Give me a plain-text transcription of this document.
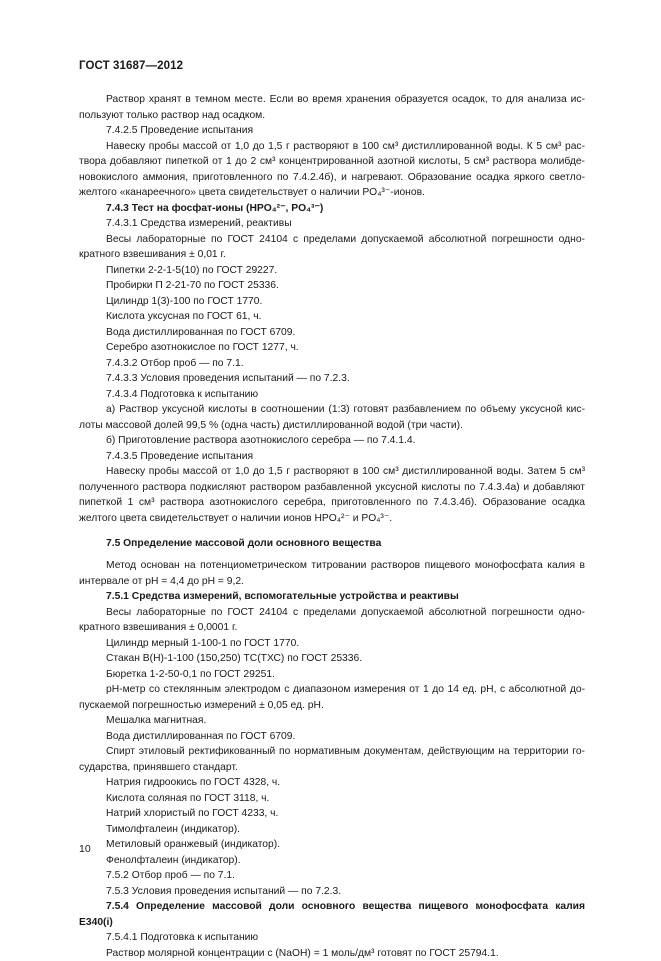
ГОСТ 31687—2012

Раствор хранят в темном месте. Если во время хранения образуется осадок, то для анализа ис-пользуют только раствор над осадком.

7.4.2.5 Проведение испытания

Навеску пробы массой от 1,0 до 1,5 г растворяют в 100 см³ дистиллированной воды. К 5 см³ рас-твора добавляют пипеткой от 1 до 2 см³ концентрированной азотной кислоты, 5 см³ раствора молибде-новокислого аммония, приготовленного по 7.4.2.4б), и нагревают. Образование осадка яркого светло-желтого «канареечного» цвета свидетельствует о наличии PO₄³⁻-ионов.

7.4.3 Тест на фосфат-ионы (HPO₄²⁻, PO₄³⁻)

7.4.3.1 Средства измерений, реактивы

Весы лабораторные по ГОСТ 24104 с пределами допускаемой абсолютной погрешности одно-кратного взвешивания ± 0,01 г.

Пипетки 2-2-1-5(10) по ГОСТ 29227.

Пробирки П 2-21-70 по ГОСТ 25336.

Цилиндр 1(3)-100 по ГОСТ 1770.

Кислота уксусная по ГОСТ 61, ч.

Вода дистиллированная по ГОСТ 6709.

Серебро азотнокислое по ГОСТ 1277, ч.

7.4.3.2 Отбор проб — по 7.1.

7.4.3.3 Условия проведения испытаний — по 7.2.3.

7.4.3.4 Подготовка к испытанию

а) Раствор уксусной кислоты в соотношении (1:3) готовят разбавлением по объему уксусной кис-лоты массовой долей 99,5 % (одна часть) дистиллированной водой (три части).

б) Приготовление раствора азотнокислого серебра — по 7.4.1.4.

7.4.3.5 Проведение испытания

Навеску пробы массой от 1,0 до 1,5 г растворяют в 100 см³ дистиллированной воды. Затем 5 см³ полученного раствора подкисляют раствором разбавленной уксусной кислоты по 7.4.3.4а) и добавляют пипеткой 1 см³ раствора азотнокислого серебра, приготовленного по 7.4.3.4б). Образование осадка желтого цвета свидетельствует о наличии ионов HPO₄²⁻ и PO₄³⁻.

7.5 Определение массовой доли основного вещества

Метод основан на потенциометрическом титровании растворов пищевого монофосфата калия в интервале от pH = 4,4 до pH = 9,2.

7.5.1 Средства измерений, вспомогательные устройства и реактивы

Весы лабораторные по ГОСТ 24104 с пределами допускаемой абсолютной погрешности одно-кратного взвешивания ± 0,0001 г.

Цилиндр мерный 1-100-1 по ГОСТ 1770.

Стакан В(Н)-1-100 (150,250) ТС(ТХС) по ГОСТ 25336.

Бюретка 1-2-50-0,1 по ГОСТ 29251.

pH-метр со стеклянным электродом с диапазоном измерения от 1 до 14 ед. pH, с абсолютной до-пускаемой погрешностью измерений ± 0,05 ед. pH.

Мешалка магнитная.

Вода дистиллированная по ГОСТ 6709.

Спирт этиловый ректификованный по нормативным документам, действующим на территории го-сударства, принявшего стандарт.

Натрия гидроокись по ГОСТ 4328, ч.

Кислота соляная по ГОСТ 3118, ч.

Натрий хлористый по ГОСТ 4233, ч.

Тимолфталеин (индикатор).

Метиловый оранжевый (индикатор).

Фенолфталеин (индикатор).

7.5.2 Отбор проб — по 7.1.

7.5.3 Условия проведения испытаний — по 7.2.3.

7.5.4 Определение массовой доли основного вещества пищевого монофосфата калия Е340(i)

7.5.4.1 Подготовка к испытанию

Раствор молярной концентрации c (NaOH) = 1 моль/дм³ готовят по ГОСТ 25794.1.

10
